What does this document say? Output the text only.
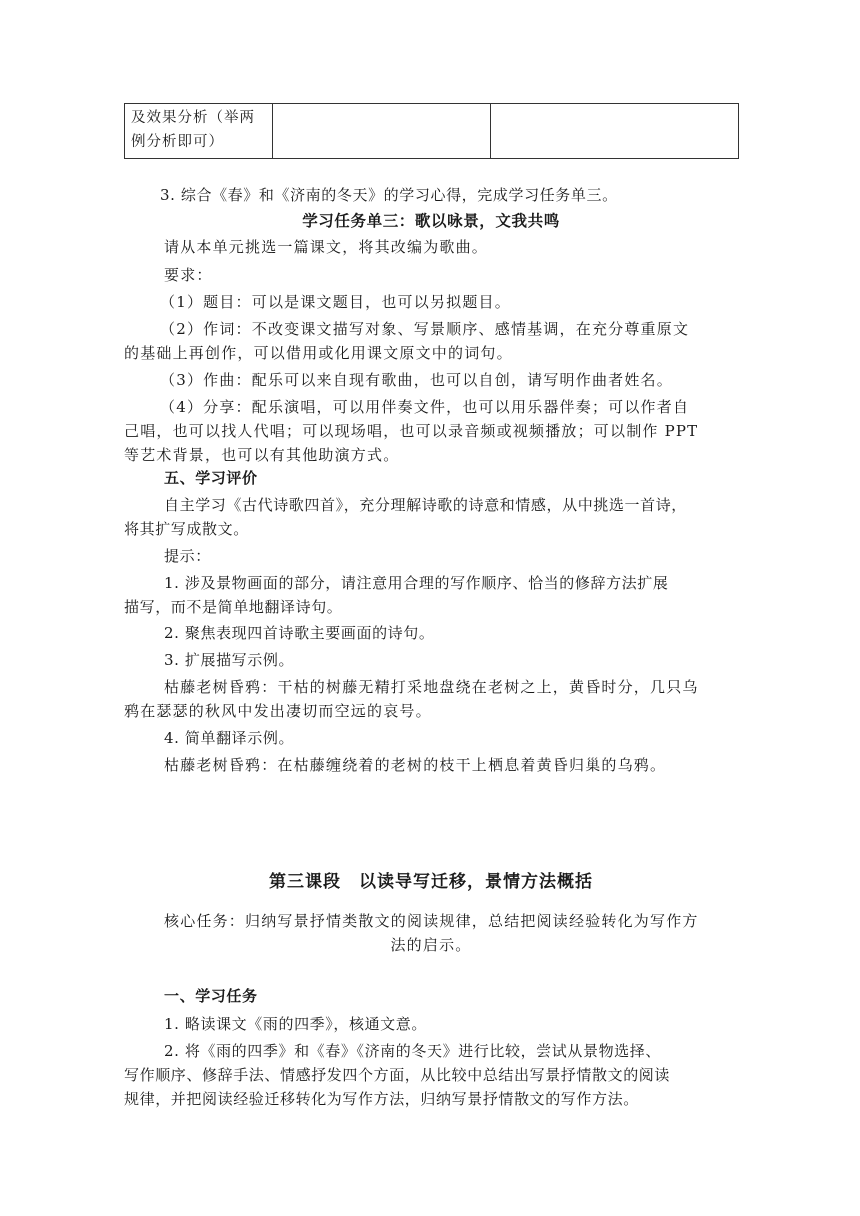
及效果分析（举两
例分析即可）

3. 综合《春》和《济南的冬天》的学习心得，完成学习任务单三。
学习任务单三：歌以咏景，文我共鸣
请从本单元挑选一篇课文，将其改编为歌曲。
要求：
（1）题目：可以是课文题目，也可以另拟题目。
（2）作词：不改变课文描写对象、写景顺序、感情基调，在充分尊重原文
的基础上再创作，可以借用或化用课文原文中的词句。
（3）作曲：配乐可以来自现有歌曲，也可以自创，请写明作曲者姓名。
（4）分享：配乐演唱，可以用伴奏文件，也可以用乐器伴奏；可以作者自
己唱，也可以找人代唱；可以现场唱，也可以录音频或视频播放；可以制作 PPT
等艺术背景，也可以有其他助演方式。
五、学习评价
自主学习《古代诗歌四首》，充分理解诗歌的诗意和情感，从中挑选一首诗，
将其扩写成散文。
提示：
1. 涉及景物画面的部分，请注意用合理的写作顺序、恰当的修辞方法扩展
描写，而不是简单地翻译诗句。
2. 聚焦表现四首诗歌主要画面的诗句。
3. 扩展描写示例。
枯藤老树昏鸦：干枯的树藤无精打采地盘绕在老树之上，黄昏时分，几只乌
鸦在瑟瑟的秋风中发出凄切而空远的哀号。
4. 简单翻译示例。
枯藤老树昏鸦：在枯藤缠绕着的老树的枝干上栖息着黄昏归巢的乌鸦。
第三课段　以读导写迁移，景情方法概括
核心任务：归纳写景抒情类散文的阅读规律，总结把阅读经验转化为写作方
法的启示。
一、学习任务
1. 略读课文《雨的四季》，核通文意。
2. 将《雨的四季》和《春》《济南的冬天》进行比较，尝试从景物选择、
写作顺序、修辞手法、情感抒发四个方面，从比较中总结出写景抒情散文的阅读
规律，并把阅读经验迁移转化为写作方法，归纳写景抒情散文的写作方法。
